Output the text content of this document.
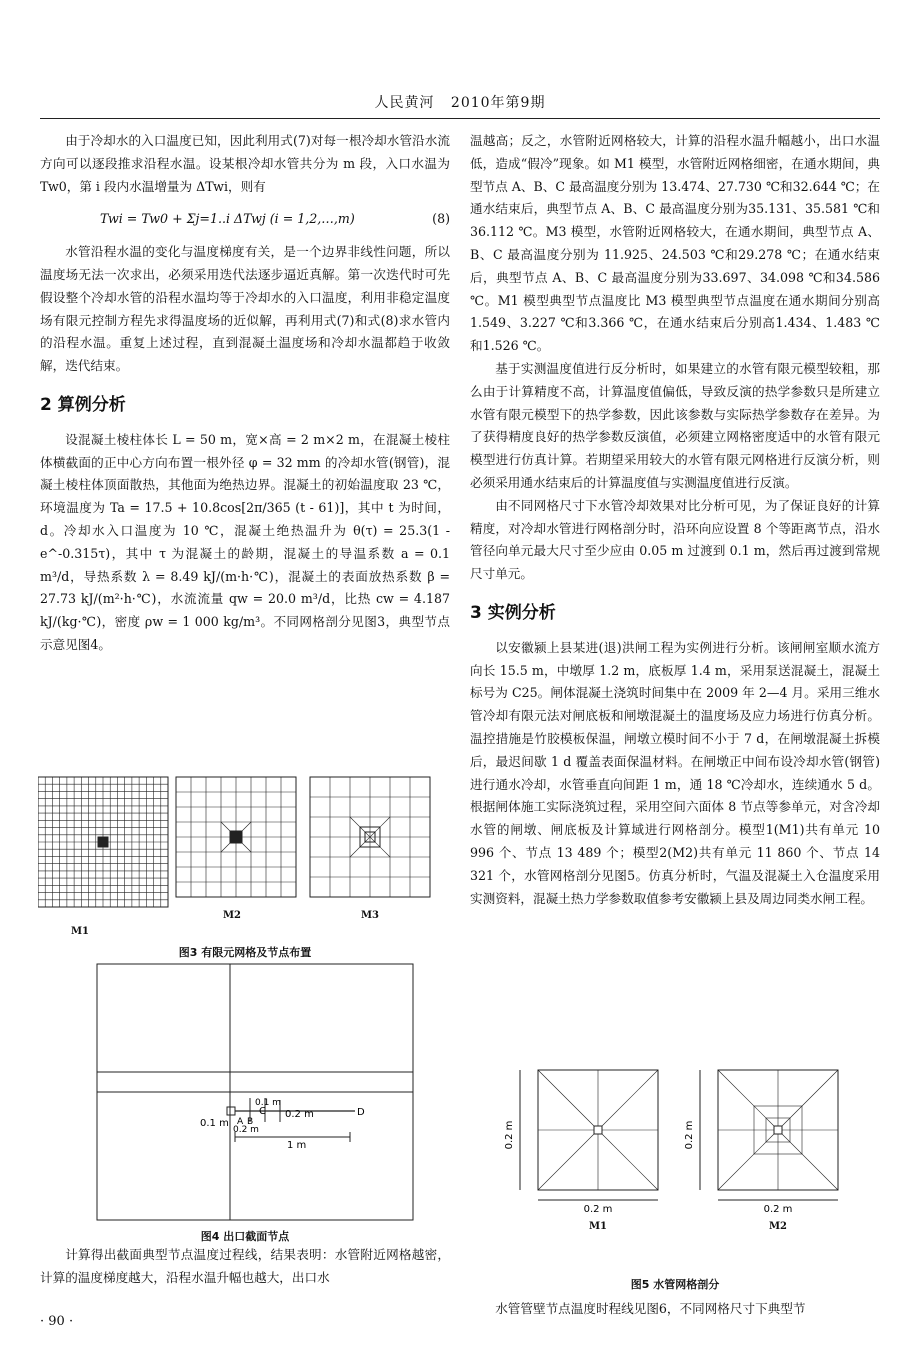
人民黄河 2010年第9期

由于冷却水的入口温度已知，因此利用式(7)对每一根冷却水管沿水流方向可以逐段推求沿程水温。设某根冷却水管共分为 m 段，入口水温为 Tw0，第 i 段内水温增量为 ΔTwi，则有

Twi = Tw0 + Σj=1..i ΔTwj (i = 1,2,…,m)	(8)

水管沿程水温的变化与温度梯度有关，是一个边界非线性问题，所以温度场无法一次求出，必须采用迭代法逐步逼近真解。第一次迭代时可先假设整个冷却水管的沿程水温均等于冷却水的入口温度，利用非稳定温度场有限元控制方程先求得温度场的近似解，再利用式(7)和式(8)求水管内的沿程水温。重复上述过程，直到混凝土温度场和冷却水温都趋于收敛解，迭代结束。

2 算例分析

设混凝土棱柱体长 L = 50 m，宽×高 = 2 m×2 m，在混凝土棱柱体横截面的正中心方向布置一根外径 φ = 32 mm 的冷却水管(钢管)，混凝土棱柱体顶面散热，其他面为绝热边界。混凝土的初始温度取 23 ℃，环境温度为 Ta = 17.5 + 10.8cos[2π/365 (t - 61)]，其中 t 为时间，d。冷却水入口温度为 10 ℃，混凝土绝热温升为 θ(τ) = 25.3(1 - e^-0.315τ)，其中 τ 为混凝土的龄期，混凝土的导温系数 a = 0.1 m³/d，导热系数 λ = 8.49 kJ/(m·h·℃)，混凝土的表面放热系数 β = 27.73 kJ/(m²·h·℃)，水流流量 qw = 20.0 m³/d，比热 cw = 4.187 kJ/(kg·℃)，密度 ρw = 1 000 kg/m³。不同网格剖分见图3，典型节点示意见图4。

M1
M2	M3
图3 有限元网格及节点布置
0.1 m A B
C	D
0.1 m
0.2 m
0.2 m
1 m
图4 出口截面节点

计算得出截面典型节点温度过程线，结果表明：水管附近网格越密，计算的温度梯度越大，沿程水温升幅也越大，出口水

· 90 ·

温越高；反之，水管附近网格较大，计算的沿程水温升幅越小，出口水温低，造成“假冷”现象。如 M1 模型，水管附近网格细密，在通水期间，典型节点 A、B、C 最高温度分别为 13.474、27.730 ℃和32.644 ℃；在通水结束后，典型节点 A、B、C 最高温度分别为35.131、35.581 ℃和36.112 ℃。M3 模型，水管附近网格较大，在通水期间，典型节点 A、B、C 最高温度分别为 11.925、24.503 ℃和29.278 ℃；在通水结束后，典型节点 A、B、C 最高温度分别为33.697、34.098 ℃和34.586 ℃。M1 模型典型节点温度比 M3 模型典型节点温度在通水期间分别高 1.549、3.227 ℃和3.366 ℃，在通水结束后分别高1.434、1.483 ℃和1.526 ℃。

基于实测温度值进行反分析时，如果建立的水管有限元模型较粗，那么由于计算精度不高，计算温度值偏低，导致反演的热学参数只是所建立水管有限元模型下的热学参数，因此该参数与实际热学参数存在差异。为了获得精度良好的热学参数反演值，必须建立网格密度适中的水管有限元模型进行仿真计算。若期望采用较大的水管有限元网格进行反演分析，则必须采用通水结束后的计算温度值与实测温度值进行反演。

由不同网格尺寸下水管冷却效果对比分析可见，为了保证良好的计算精度，对冷却水管进行网格剖分时，沿环向应设置 8 个等距离节点，沿水管径向单元最大尺寸至少应由 0.05 m 过渡到 0.1 m，然后再过渡到常规尺寸单元。

3 实例分析

以安徽颍上县某进(退)洪闸工程为实例进行分析。该闸闸室顺水流方向长 15.5 m，中墩厚 1.2 m，底板厚 1.4 m，采用泵送混凝土，混凝土标号为 C25。闸体混凝土浇筑时间集中在 2009 年 2—4 月。采用三维水管冷却有限元法对闸底板和闸墩混凝土的温度场及应力场进行仿真分析。温控措施是竹胶模板保温，闸墩立模时间不小于 7 d，在闸墩混凝土拆模后，最迟间歇 1 d 覆盖表面保温材料。在闸墩正中间布设冷却水管(钢管)进行通水冷却，水管垂直向间距 1 m，通 18 ℃冷却水，连续通水 5 d。根据闸体施工实际浇筑过程，采用空间六面体 8 节点等参单元，对含冷却水管的闸墩、闸底板及计算域进行网格剖分。模型1(M1)共有单元 10 996 个、节点 13 489 个；模型2(M2)共有单元 11 860 个、节点 14 321 个，水管网格剖分见图5。仿真分析时，气温及混凝土入仓温度采用实测资料，混凝土热力学参数取值参考安徽颍上县及周边同类水闸工程。

0.2 m
0.2 m
0.2 m
0.2 m
M1	M2
图5 水管网格剖分

水管管壁节点温度时程线见图6，不同网格尺寸下典型节
